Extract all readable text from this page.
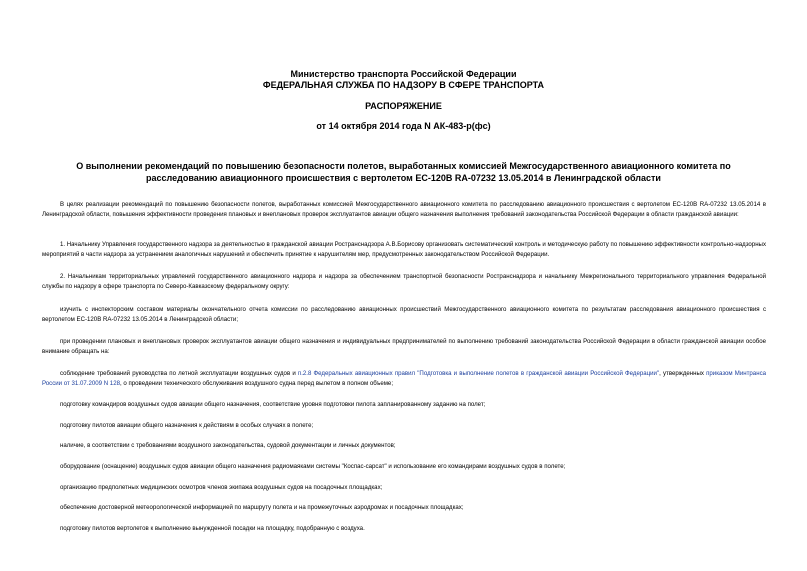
Министерство транспорта Российской Федерации
ФЕДЕРАЛЬНАЯ СЛУЖБА ПО НАДЗОРУ В СФЕРЕ ТРАНСПОРТА
РАСПОРЯЖЕНИЕ
от 14 октября 2014 года N АК-483-р(фс)
О выполнении рекомендаций по повышению безопасности полетов, выработанных комиссией Межгосударственного авиационного комитета по расследованию авиационного происшествия с вертолетом ЕС-120В RA-07232 13.05.2014 в Ленинградской области

В целях реализации рекомендаций по повышению безопасности полетов, выработанных комиссией Межгосударственного авиационного комитета по расследованию авиационного происшествия с вертолетом ЕС-120В RA-07232 13.05.2014 в Ленинградской области, повышения эффективности проведения плановых и внеплановых проверок эксплуатантов авиации общего назначения выполнения требований законодательства Российской Федерации в области гражданской авиации:

1. Начальнику Управления государственного надзора за деятельностью в гражданской авиации Ространснадзора А.В.Борисову организовать систематический контроль и методическую работу по повышению эффективности контрольно-надзорных мероприятий в части надзора за устранением аналогичных нарушений и обеспечить принятие к нарушителям мер, предусмотренных законодательством Российской Федерации.

2. Начальникам территориальных управлений государственного авиационного надзора и надзора за обеспечением транспортной безопасности Ространснадзора и начальнику Межрегионального территориального управления Федеральной службы по надзору в сфере транспорта по Северо-Кавказскому федеральному округу:

изучить с инспекторским составом материалы окончательного отчета комиссии по расследованию авиационных происшествий Межгосударственного авиационного комитета по результатам расследования авиационного происшествия с вертолетом ЕС-120В RA-07232 13.05.2014 в Ленинградской области;

при проведении плановых и внеплановых проверок эксплуатантов авиации общего назначения и индивидуальных предпринимателей по выполнению требований законодательства Российской Федерации в области гражданской авиации особое внимание обращать на:

соблюдение требований руководства по летной эксплуатации воздушных судов и п.2.8 Федеральных авиационных правил "Подготовка и выполнение полетов в гражданской авиации Российской Федерации", утвержденных приказом Минтранса России от 31.07.2009 N 128, о проведении технического обслуживания воздушного судна перед вылетом в полном объеме;

подготовку командиров воздушных судов авиации общего назначения, соответствие уровня подготовки пилота запланированному заданию на полет;

подготовку пилотов авиации общего назначения к действиям в особых случаях в полете;

наличие, в соответствии с требованиями воздушного законодательства, судовой документации и личных документов;

оборудование (оснащение) воздушных судов авиации общего назначения радиомаяками системы "Коспас-сарсат" и использование его командирами воздушных судов в полете;

организацию предполетных медицинских осмотров членов экипажа воздушных судов на посадочных площадках;

обеспечение достоверной метеорологической информацией по маршруту полета и на промежуточных аэродромах и посадочных площадках;

подготовку пилотов вертолетов к выполнению вынужденной посадки на площадку, подобранную с воздуха.
